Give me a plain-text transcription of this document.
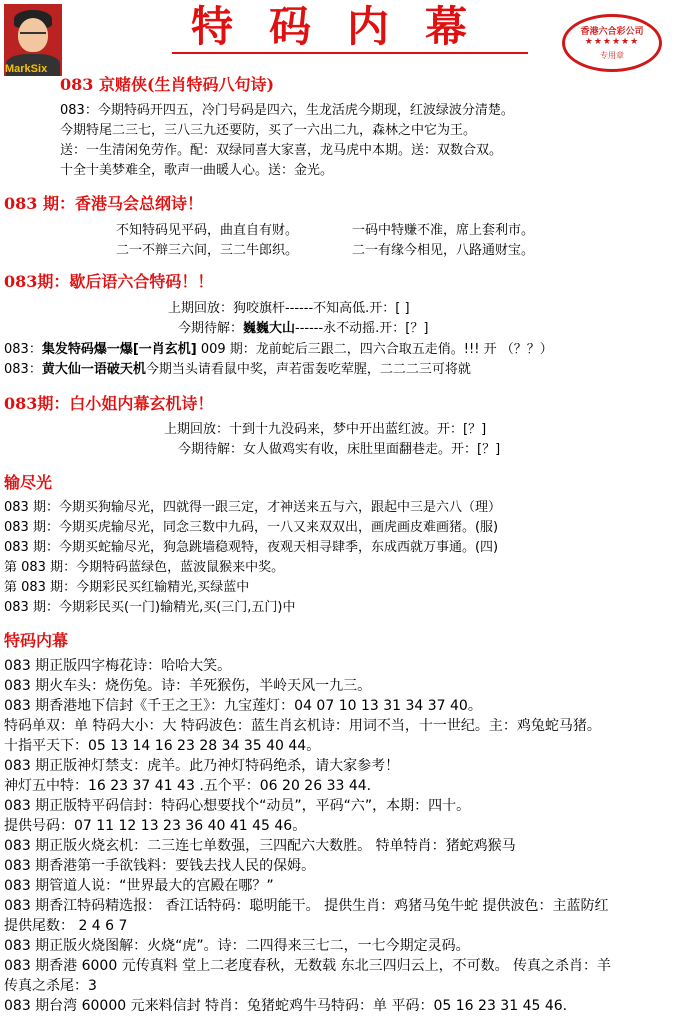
MarkSix
特码内幕	香港六合彩公司
★★★★★★
专用章
083 京赌侠(生肖特码八句诗)
083：今期特码开四五，冷门号码是四六，生龙活虎今期现，红波绿波分清楚。
今期特尾二三七，三八三九还要防，买了一六出二九，森林之中它为王。
送：一生清闲免劳作。配：双绿同喜大家喜，龙马虎中本期。送：双数合双。
十全十美梦难全，歌声一曲暖人心。送：金光。
083 期：香港马会总纲诗！
不知特码见平码，曲直自有财。	一码中特赚不准，席上套利市。
二一不辩三六间，三二牛郎织。	二一有缘今相见，八路通财宝。
083期：歇后语六合特码！！
上期回放：狗咬旗杆------不知高低.开：[ ]
今期待解：巍巍大山------永不动摇.开：[？]
083：集发特码爆一爆[一肖玄机] 009 期：龙前蛇后三跟二，四六合取五走俏。!!! 开 （？？）
083：黄大仙一语破天机今期当头请看鼠中奖，声若雷轰吃荤腥，二二二三可将就
083期：白小姐内幕玄机诗！
上期回放：十到十九没码来，梦中开出蓝红波。开：[？]
今期待解：女人做鸡实有收，床肚里面翻巷走。开：[？]
输尽光
083 期：今期买狗输尽光，四就得一跟三定，才神送来五与六，跟起中三是六八（理）
083 期：今期买虎输尽光，同念三数中九码，一八又来双双出，画虎画皮难画猪。(服)
083 期：今期买蛇输尽光，狗急跳墙稳观特，夜观天相寻肆季，东成西就万事通。(四)
第 083 期：今期特码蓝绿色，蓝波鼠猴来中奖。
第 083 期：今期彩民买红输精光,买绿蓝中
083 期：今期彩民买(一门)输精光,买(三门,五门)中
特码内幕
083 期正版四字梅花诗：哈哈大笑。
083 期火车头：烧伤兔。诗：羊死猴伤，半岭天风一九三。
083 期香港地下信封《千王之王》：九宝莲灯：04 07 10 13 31 34 37 40。
特码单双：单 特码大小：大 特码波色：蓝生肖玄机诗：用词不当，十一世纪。主：鸡兔蛇马猪。
十指平天下：05 13 14 16 23 28 34 35 40 44。
083 期正版神灯禁支：虎羊。此乃神灯特码绝杀，请大家参考！
神灯五中特：16 23 37 41 43 .五个平：06 20 26 33 44.
083 期正版特平码信封：特码心想要找个“动员”，平码“六”，本期：四十。
提供号码：07 11 12 13 23 36 40 41 45 46。
083 期正版火烧玄机：二三连七单数强，三四配六大数胜。 特单特肖：猪蛇鸡猴马
083 期香港第一手欲钱料：要钱去找人民的保姆。
083 期管道人说：“世界最大的宫殿在哪？”
083 期香江特码精选报： 香江话特码：聪明能干。 提供生肖：鸡猪马兔牛蛇 提供波色：主蓝防红
提供尾数： 2 4 6 7
083 期正版火烧图解：火烧“虎”。诗：二四得来三七二，一七今期定灵码。
083 期香港 6000 元传真料 堂上二老度春秋，无数载 东北三四归云上，不可数。 传真之杀肖：羊
传真之杀尾：3
083 期台湾 60000 元来料信封 特肖：兔猪蛇鸡牛马特码：单 平码：05 16 23 31 45 46.
